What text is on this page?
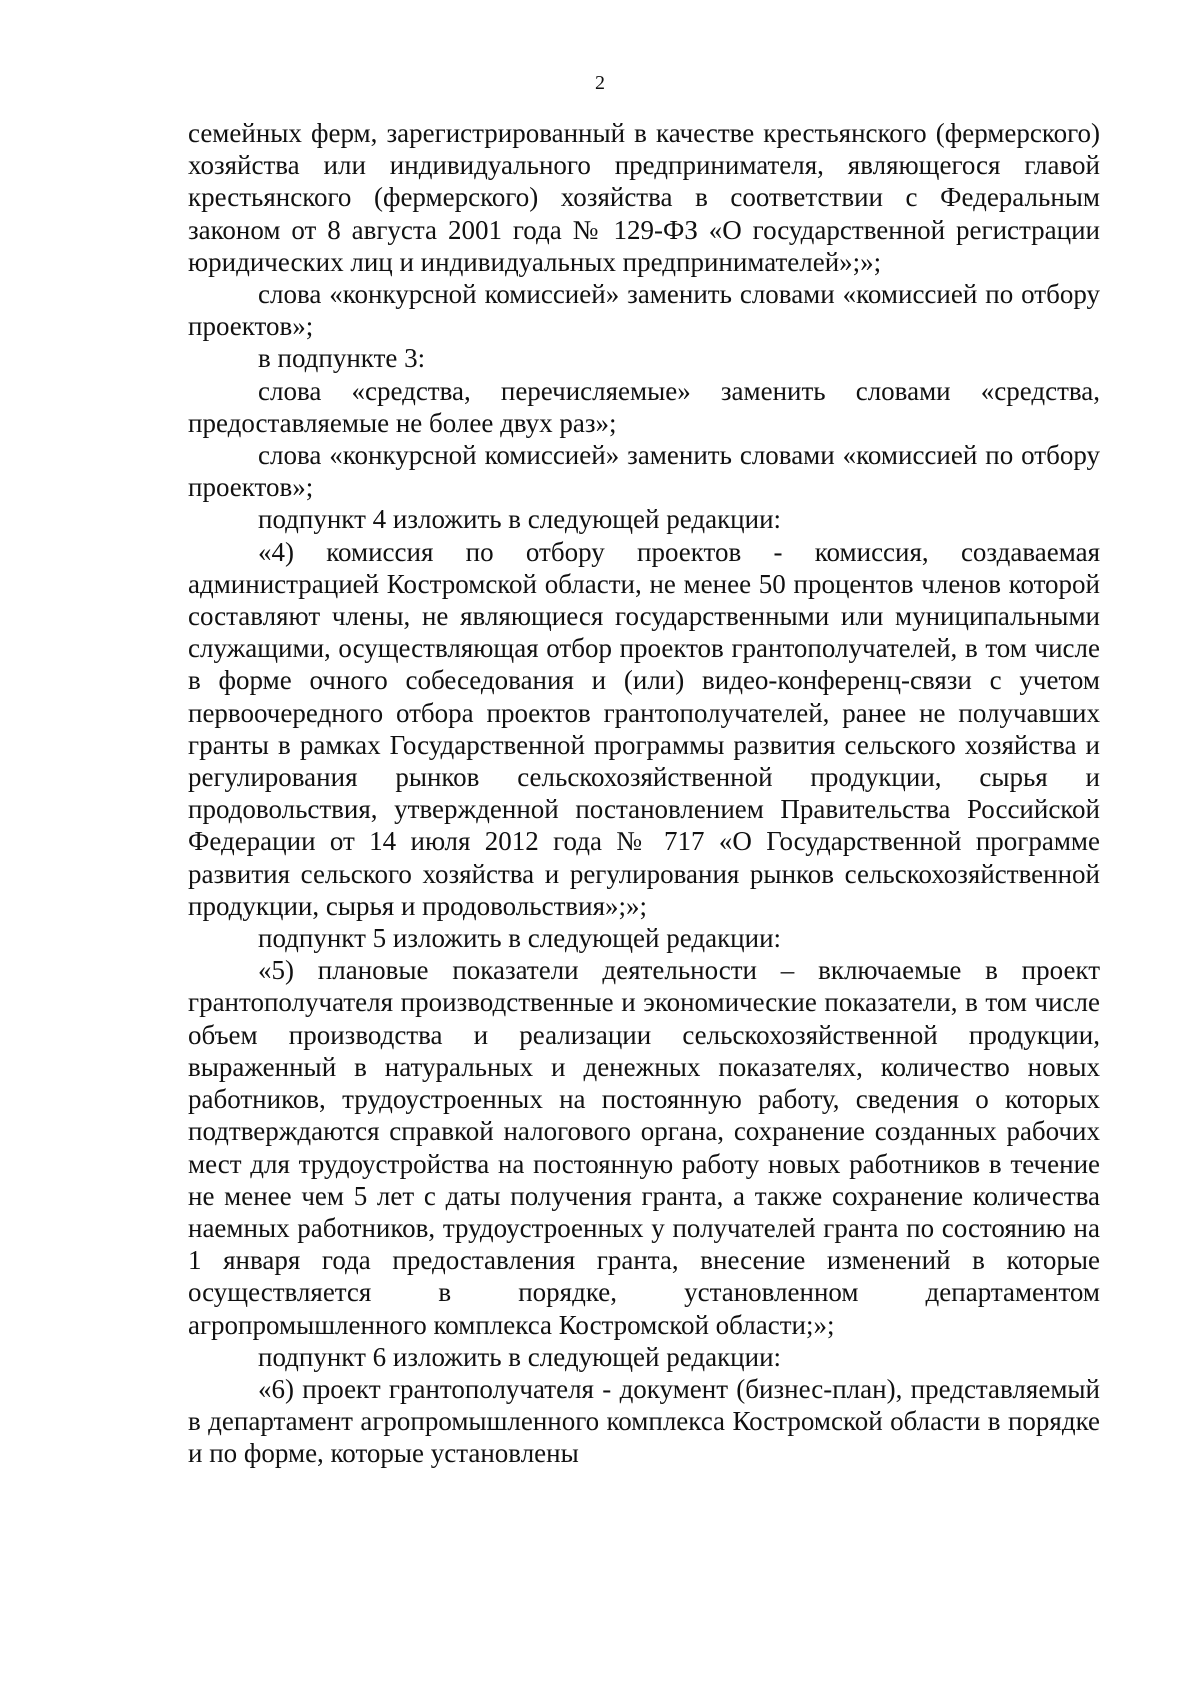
2

семейных ферм, зарегистрированный в качестве крестьянского (фермерского) хозяйства или индивидуального предпринимателя, являющегося главой крестьянского (фермерского) хозяйства в соответствии с Федеральным законом от 8 августа 2001 года № 129-ФЗ «О государственной регистрации юридических лиц и индивидуальных предпринимателей»;»;

слова «конкурсной комиссией» заменить словами «комиссией по отбору проектов»;

в подпункте 3:

слова «средства, перечисляемые» заменить словами «средства, предоставляемые не более двух раз»;

слова «конкурсной комиссией» заменить словами «комиссией по отбору проектов»;

подпункт 4 изложить в следующей редакции:

«4) комиссия по отбору проектов - комиссия, создаваемая администрацией Костромской области, не менее 50 процентов членов которой составляют члены, не являющиеся государственными или муниципальными служащими, осуществляющая отбор проектов грантополучателей, в том числе в форме очного собеседования и (или) видео-конференц-связи с учетом первоочередного отбора проектов грантополучателей, ранее не получавших гранты в рамках Государственной программы развития сельского хозяйства и регулирования рынков сельскохозяйственной продукции, сырья и продовольствия, утвержденной постановлением Правительства Российской Федерации от 14 июля 2012 года № 717 «О Государственной программе развития сельского хозяйства и регулирования рынков сельскохозяйственной продукции, сырья и продовольствия»;»;

подпункт 5 изложить в следующей редакции:

«5) плановые показатели деятельности – включаемые в проект грантополучателя производственные и экономические показатели, в том числе объем производства и реализации сельскохозяйственной продукции, выраженный в натуральных и денежных показателях, количество новых работников, трудоустроенных на постоянную работу, сведения о которых подтверждаются справкой налогового органа, сохранение созданных рабочих мест для трудоустройства на постоянную работу новых работников в течение не менее чем 5 лет с даты получения гранта, а также сохранение количества наемных работников, трудоустроенных у получателей гранта по состоянию на 1 января года предоставления гранта, внесение изменений в которые осуществляется в порядке, установленном департаментом агропромышленного комплекса Костромской области;»;

подпункт 6 изложить в следующей редакции:

«6) проект грантополучателя - документ (бизнес-план), представляемый в департамент агропромышленного комплекса Костромской области в порядке и по форме, которые установлены
